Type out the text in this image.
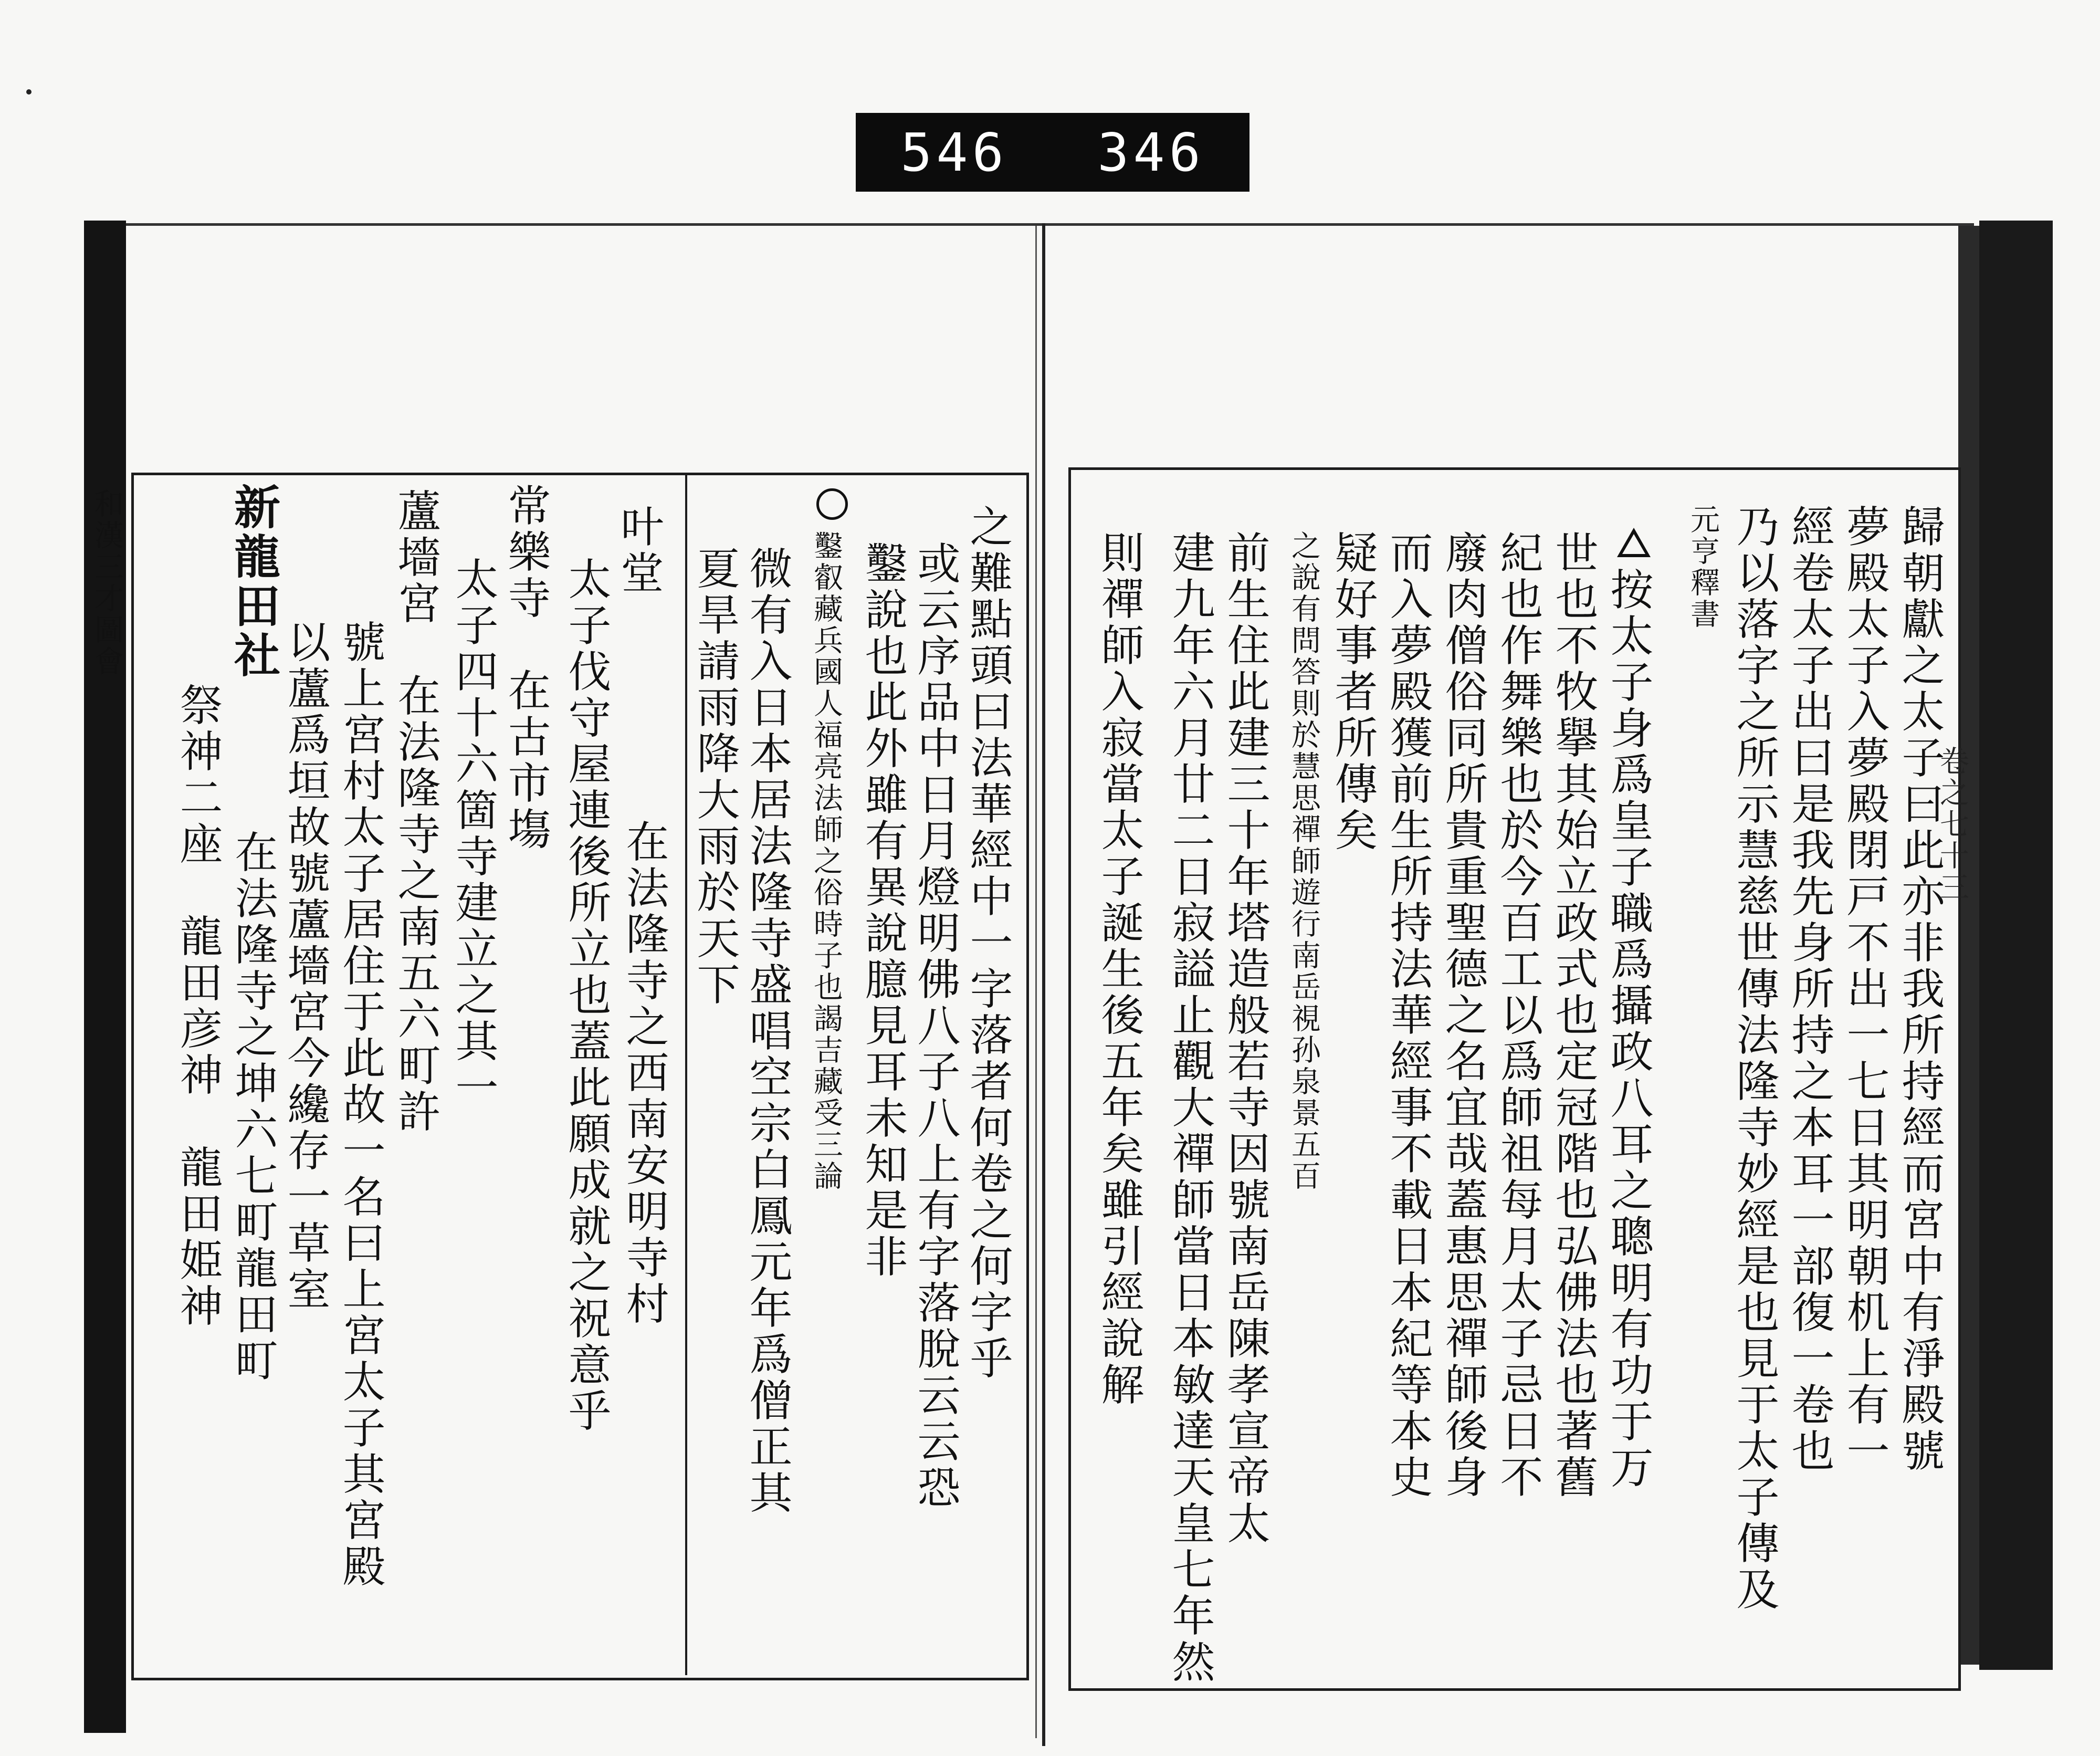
546 346
和漢三才圖會 新龍田社
祭神二座　龍田彦神　龍田姫神 在法隆寺之坤六七町龍田町 以蘆爲垣故號蘆墻宮今纔存一草室 號上宮村太子居住于此故一名曰上宮太子其宮殿 蘆墻宮　在法隆寺之南五六町許 常樂寺　在古市塲
太子四十六箇寺建立之其一
叶堂
太子伐守屋連後所立也蓋此願成就之祝意乎 在法隆寺之西南安明寺村
夏旱請雨降大雨於天下 微有入日本居法隆寺盛唱空宗白鳳元年爲僧正其 鑿叡藏兵國人福亮法師之俗時子也謁吉藏受三論 鑿說也此外雖有異說臆見耳未知是非 或云序品中日月燈明佛八子八上有字落脫云云恐 之難點頭曰法華經中一字落者何卷之何字乎	歸朝獻之太子曰此亦非我所持經而宮中有淨殿號
夢殿太子入夢殿閉戸不出一七日其明朝机上有一
經卷太子出曰是我先身所持之本耳一部復一卷也
乃以落字之所示慧慈世傳法隆寺妙經是也見于太子傳及
元亨釋書
按太子身爲皇子職爲攝政八耳之聰明有功于万
世也不牧擧其始立政式也定冠階也弘佛法也著舊
紀也作舞樂也於今百工以爲師祖每月太子忌日不
廢肉僧俗同所貴重聖德之名宜哉蓋惠思禪師後身
而入夢殿獲前生所持法華經事不載日本紀等本史
疑好事者所傳矣
之說有問答則於慧思禪師遊行南岳視孙泉景五百
前生住此建三十年塔造般若寺因號南岳陳孝宣帝太
建九年六月廿二日寂謚止觀大禪師當日本敏達天皇七年然
則禪師入寂當太子誕生後五年矣雖引經說解	卷之七十三
